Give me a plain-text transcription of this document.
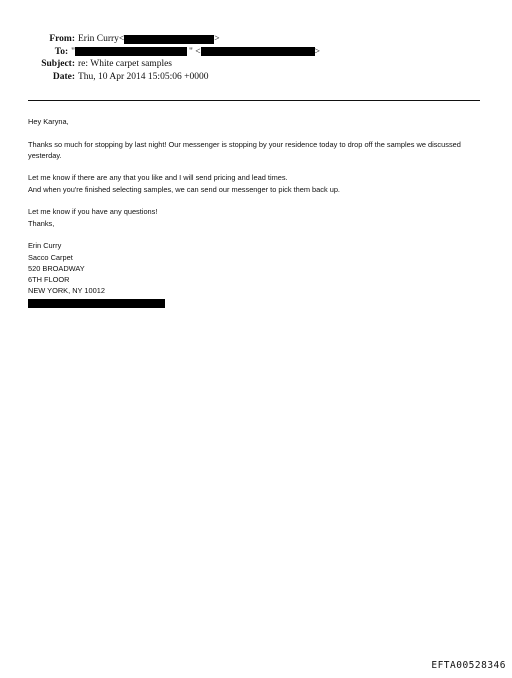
From: Erin Curry <	>
To: "	" <	>
Subject: re: White carpet samples
Date: Thu, 10 Apr 2014 15:05:06 +0000

Hey Karyna,

Thanks so much for stopping by last night! Our messenger is stopping by your residence today to drop off the samples we discussed yesterday.

Let me know if there are any that you like and I will send pricing and lead times.
And when you're finished selecting samples, we can send our messenger to pick them back up.

Let me know if you have any questions!
Thanks,

Erin Curry
Sacco Carpet
520 BROADWAY
6TH FLOOR
NEW YORK, NY 10012
EFTA00528346
